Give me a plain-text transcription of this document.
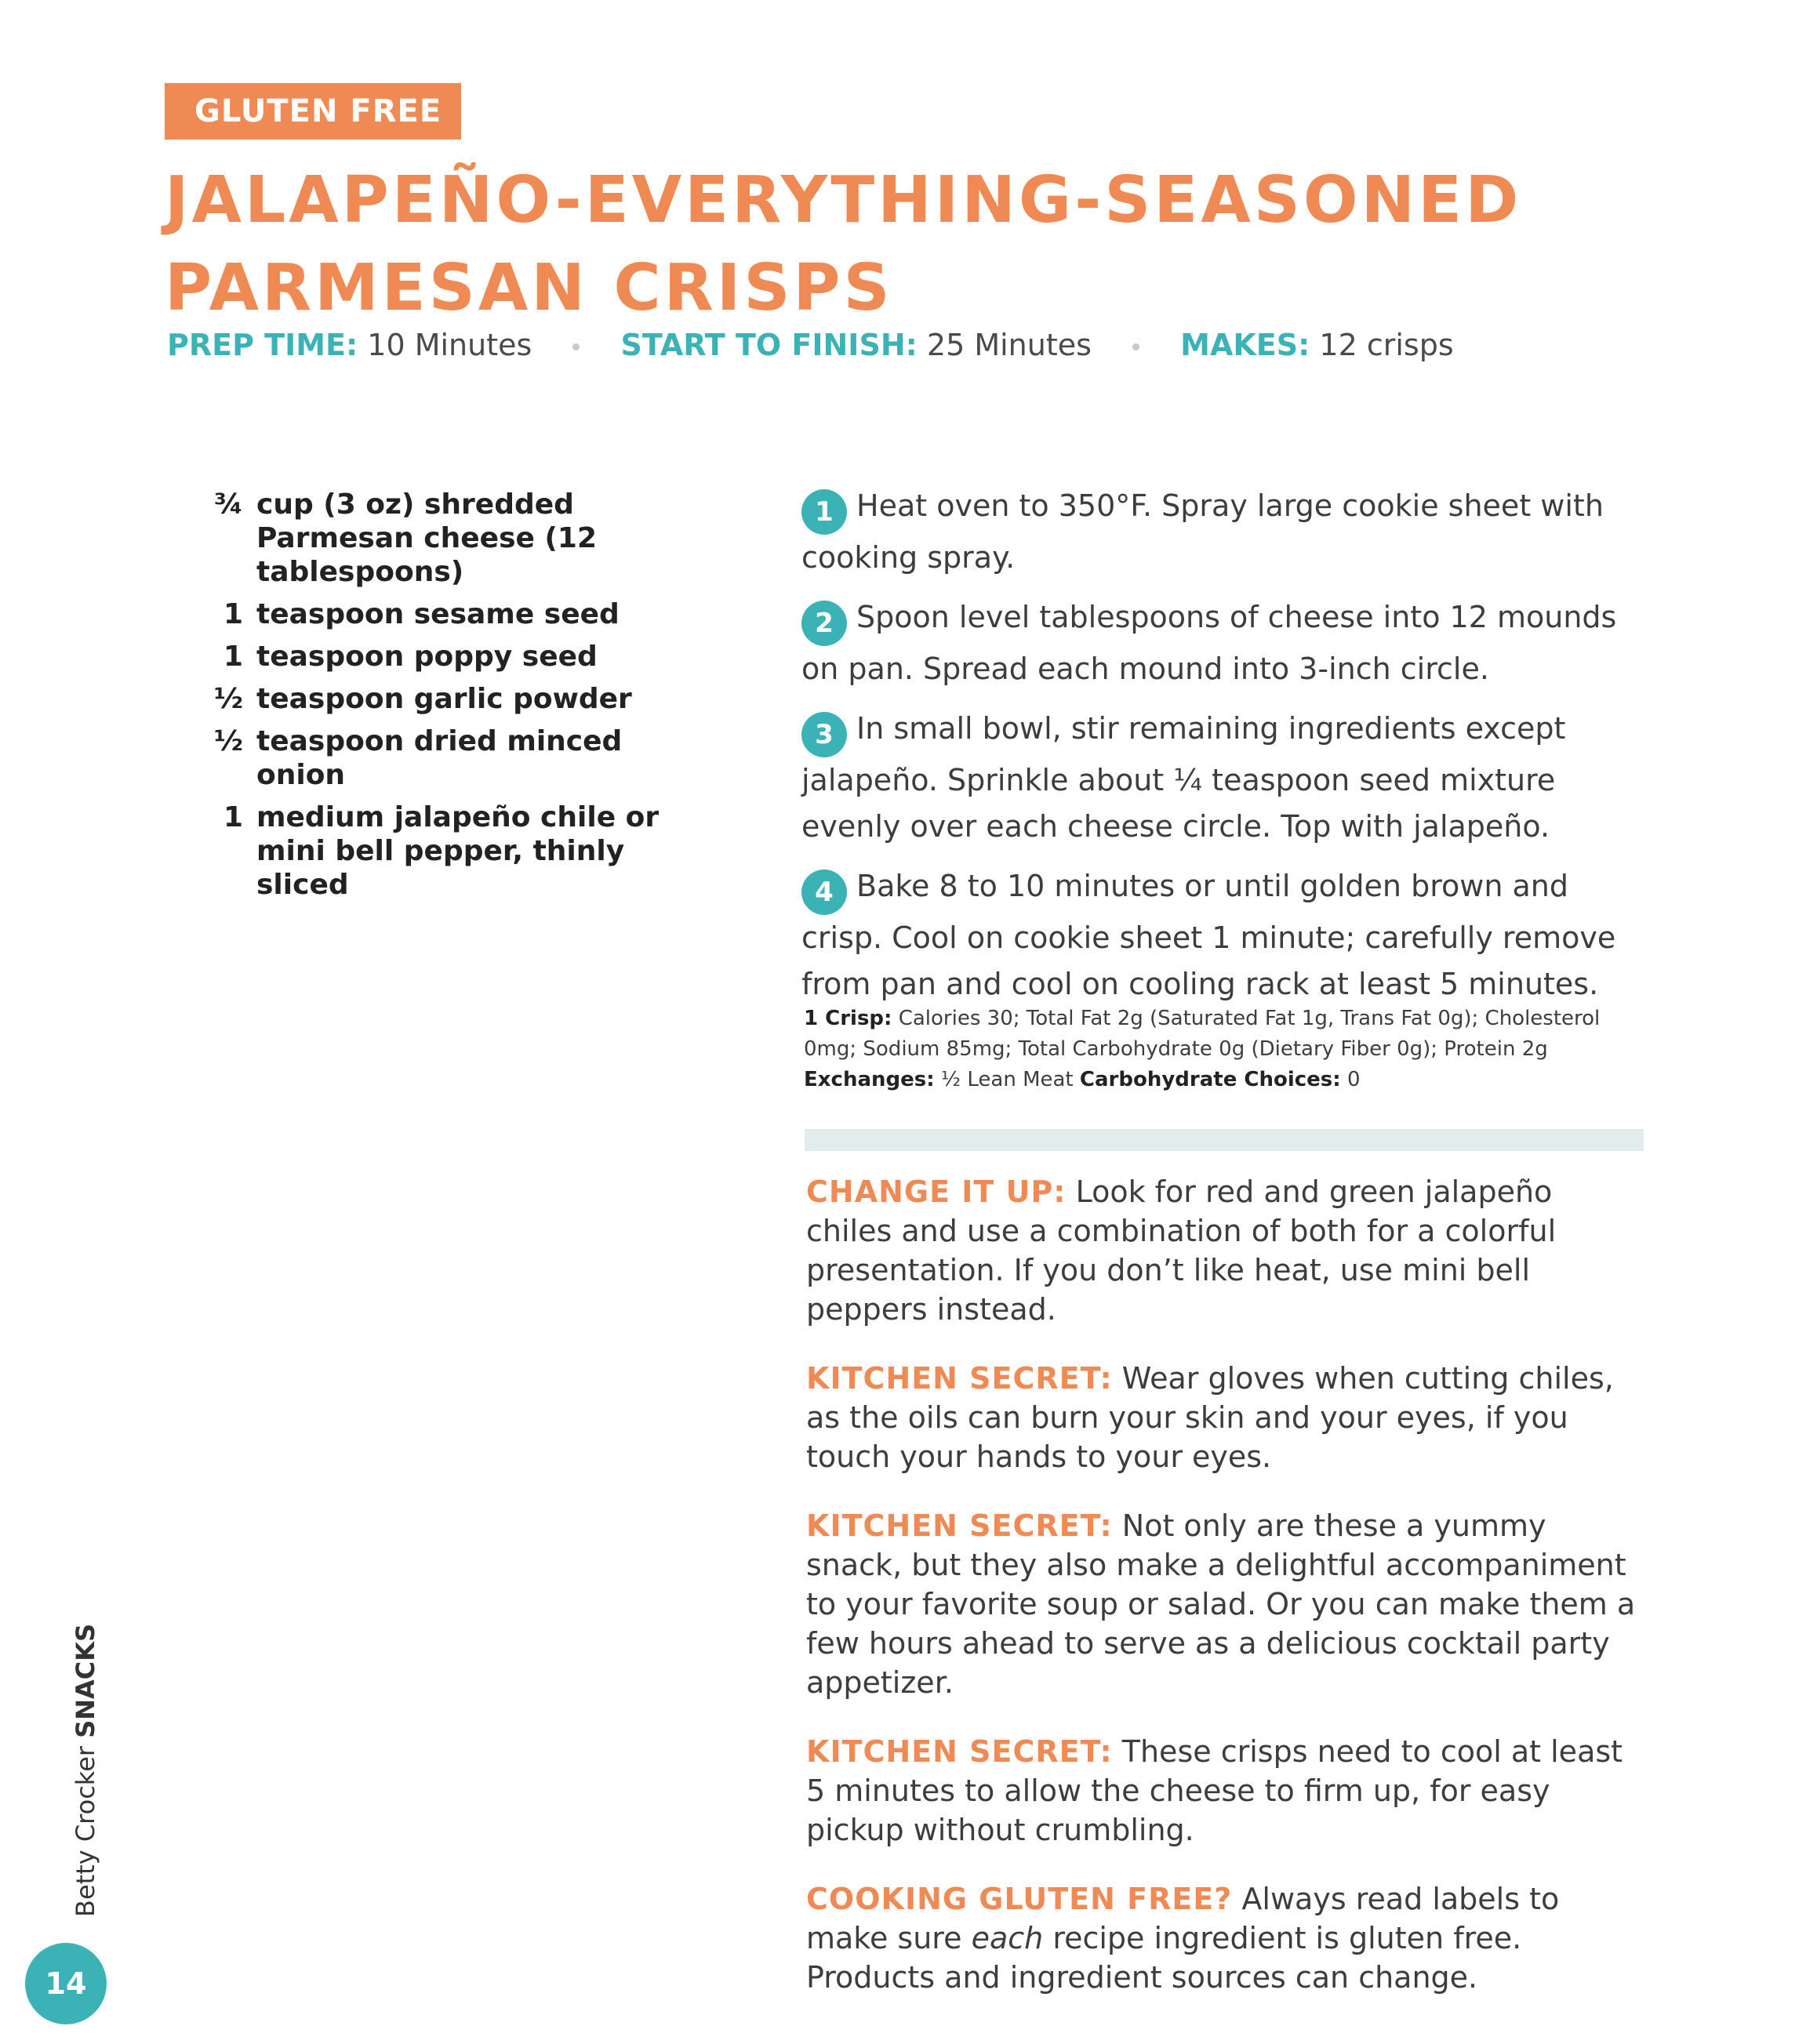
GLUTEN FREE
JALAPEÑO-EVERYTHING-SEASONED
PARMESAN CRISPS
PREP TIME: 10 Minutes	START TO FINISH: 25 Minutes	MAKES: 12 crisps
¾ cup (3 oz) shredded Parmesan cheese (12 tablespoons)
1 teaspoon sesame seed
1 teaspoon poppy seed
½ teaspoon garlic powder
½ teaspoon dried minced onion
1 medium jalapeño chile or mini bell pepper, thinly sliced
1 Heat oven to 350°F. Spray large cookie sheet with cooking spray.
2 Spoon level tablespoons of cheese into 12 mounds on pan. Spread each mound into 3-inch circle.
3 In small bowl, stir remaining ingredients except jalapeño. Sprinkle about ¼ teaspoon seed mixture evenly over each cheese circle. Top with jalapeño.
4 Bake 8 to 10 minutes or until golden brown and crisp. Cool on cookie sheet 1 minute; carefully remove from pan and cool on cooling rack at least 5 minutes.
1 Crisp: Calories 30; Total Fat 2g (Saturated Fat 1g, Trans Fat 0g); Cholesterol 0mg; Sodium 85mg; Total Carbohydrate 0g (Dietary Fiber 0g); Protein 2g
Exchanges: ½ Lean Meat Carbohydrate Choices: 0
CHANGE IT UP: Look for red and green jalapeño chiles and use a combination of both for a colorful presentation. If you don’t like heat, use mini bell peppers instead.
KITCHEN SECRET: Wear gloves when cutting chiles, as the oils can burn your skin and your eyes, if you touch your hands to your eyes.
KITCHEN SECRET: Not only are these a yummy snack, but they also make a delightful accompaniment to your favorite soup or salad. Or you can make them a few hours ahead to serve as a delicious cocktail party appetizer.
KITCHEN SECRET: These crisps need to cool at least 5 minutes to allow the cheese to firm up, for easy pickup without crumbling.
COOKING GLUTEN FREE? Always read labels to make sure each recipe ingredient is gluten free. Products and ingredient sources can change.
Betty Crocker SNACKS
14
